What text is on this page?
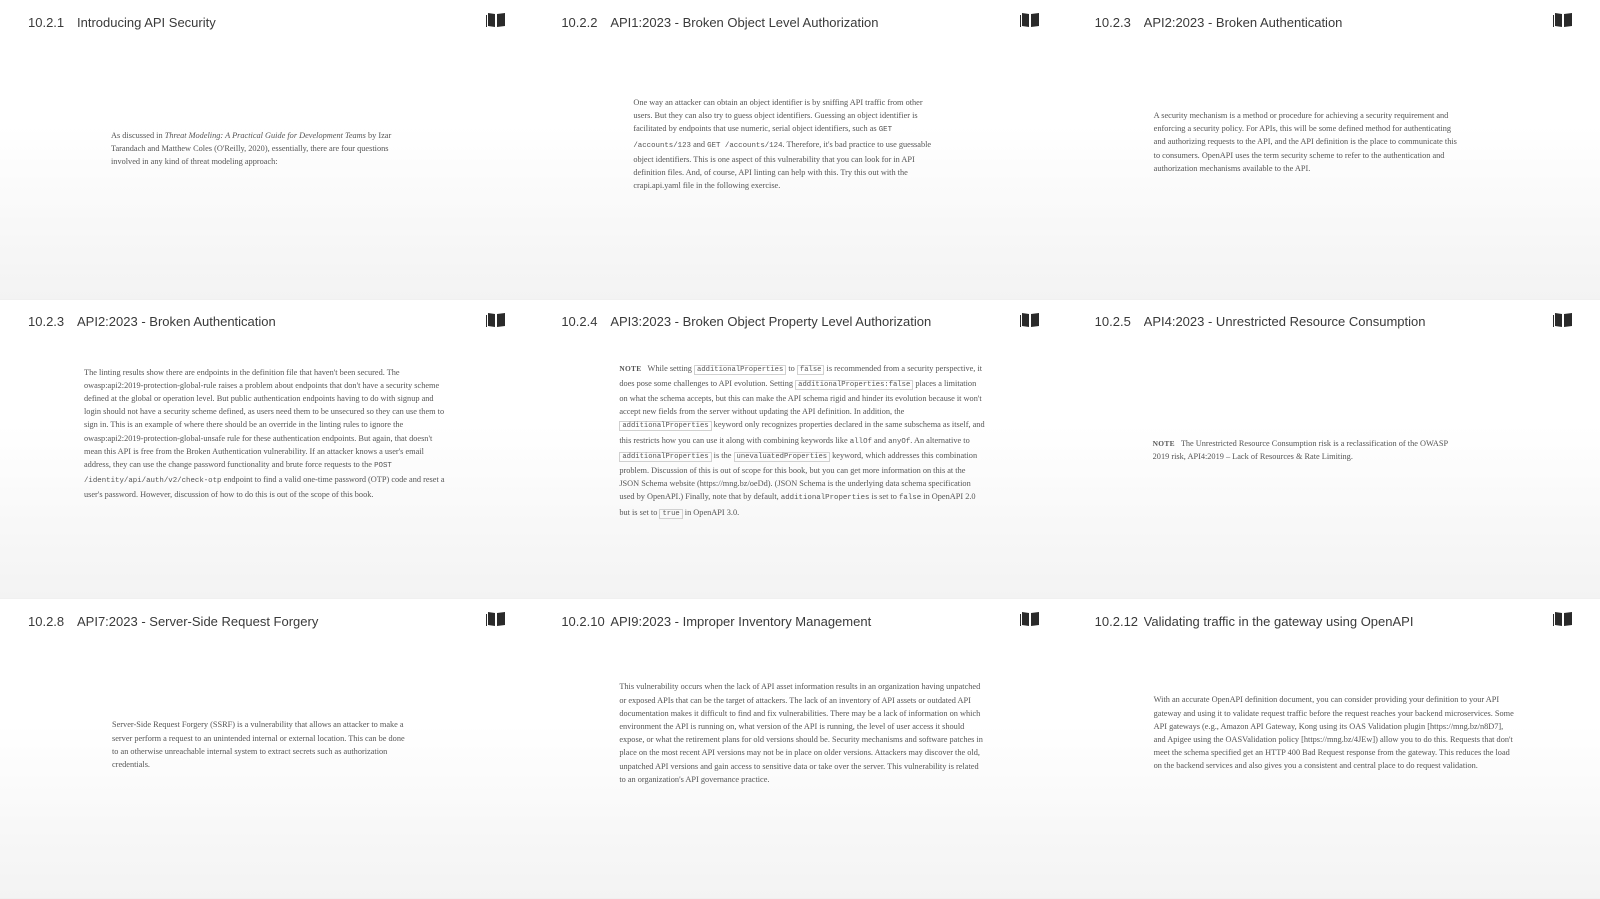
10.2.1 Introducing API Security
As discussed in Threat Modeling: A Practical Guide for Development Teams by Izar Tarandach and Matthew Coles (O'Reilly, 2020), essentially, there are four questions involved in any kind of threat modeling approach:
10.2.2 API1:2023 - Broken Object Level Authorization
One way an attacker can obtain an object identifier is by sniffing API traffic from other users. But they can also try to guess object identifiers. Guessing an object identifier is facilitated by endpoints that use numeric, serial object identifiers, such as GET /accounts/123 and GET /accounts/124. Therefore, it's bad practice to use guessable object identifiers. This is one aspect of this vulnerability that you can look for in API definition files. And, of course, API linting can help with this. Try this out with the crapi.api.yaml file in the following exercise.
10.2.3 API2:2023 - Broken Authentication
A security mechanism is a method or procedure for achieving a security requirement and enforcing a security policy. For APIs, this will be some defined method for authenticating and authorizing requests to the API, and the API definition is the place to communicate this to consumers. OpenAPI uses the term security scheme to refer to the authentication and authorization mechanisms available to the API.
10.2.3 API2:2023 - Broken Authentication
The linting results show there are endpoints in the definition file that haven't been secured. The owasp:api2:2019-protection-global-rule raises a problem about endpoints that don't have a security scheme defined at the global or operation level. But public authentication endpoints having to do with signup and login should not have a security scheme defined, as users need them to be unsecured so they can use them to sign in. This is an example of where there should be an override in the linting rules to ignore the owasp:api2:2019-protection-global-unsafe rule for these authentication endpoints. But again, that doesn't mean this API is free from the Broken Authentication vulnerability. If an attacker knows a user's email address, they can use the change password functionality and brute force requests to the POST /identity/api/auth/v2/check-otp endpoint to find a valid one-time password (OTP) code and reset a user's password. However, discussion of how to do this is out of the scope of this book.
10.2.4 API3:2023 - Broken Object Property Level Authorization
NOTE While setting additionalProperties to false is recommended from a security perspective, it does pose some challenges to API evolution. Setting additionalProperties:false places a limitation on what the schema accepts, but this can make the API schema rigid and hinder its evolution because it won't accept new fields from the server without updating the API definition. In addition, the additionalProperties keyword only recognizes properties declared in the same subschema as itself, and this restricts how you can use it along with combining keywords like allOf and anyOf. An alternative to additionalProperties is the unevaluatedProperties keyword, which addresses this combination problem. Discussion of this is out of scope for this book, but you can get more information on this at the JSON Schema website (https://mng.bz/oeDd). (JSON Schema is the underlying data schema specification used by OpenAPI.) Finally, note that by default, additionalProperties is set to false in OpenAPI 2.0 but is set to true in OpenAPI 3.0.
10.2.5 API4:2023 - Unrestricted Resource Consumption
NOTE The Unrestricted Resource Consumption risk is a reclassification of the OWASP 2019 risk, API4:2019 – Lack of Resources & Rate Limiting.
10.2.8 API7:2023 - Server-Side Request Forgery
Server-Side Request Forgery (SSRF) is a vulnerability that allows an attacker to make a server perform a request to an unintended internal or external location. This can be done to an otherwise unreachable internal system to extract secrets such as authorization credentials.
10.2.10 API9:2023 - Improper Inventory Management
This vulnerability occurs when the lack of API asset information results in an organization having unpatched or exposed APIs that can be the target of attackers. The lack of an inventory of API assets or outdated API documentation makes it difficult to find and fix vulnerabilities. There may be a lack of information on which environment the API is running on, what version of the API is running, the level of user access it should expose, or what the retirement plans for old versions should be. Security mechanisms and software patches in place on the most recent API versions may not be in place on older versions. Attackers may discover the old, unpatched API versions and gain access to sensitive data or take over the server. This vulnerability is related to an organization's API governance practice.
10.2.12 Validating traffic in the gateway using OpenAPI
With an accurate OpenAPI definition document, you can consider providing your definition to your API gateway and using it to validate request traffic before the request reaches your backend microservices. Some API gateways (e.g., Amazon API Gateway, Kong using its OAS Validation plugin [https://mng.bz/n8D7], and Apigee using the OASValidation policy [https://mng.bz/4JEw]) allow you to do this. Requests that don't meet the schema specified get an HTTP 400 Bad Request response from the gateway. This reduces the load on the backend services and also gives you a consistent and central place to do request validation.
